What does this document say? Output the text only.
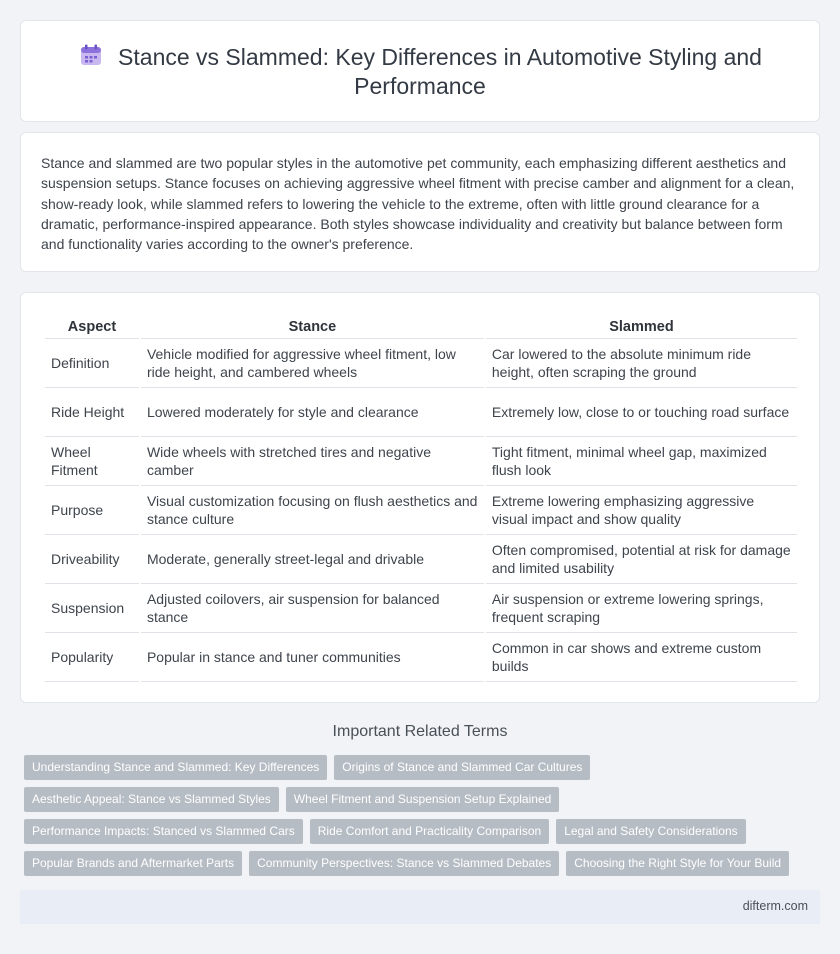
Stance vs Slammed: Key Differences in Automotive Styling and Performance

Stance and slammed are two popular styles in the automotive pet community, each emphasizing different aesthetics and suspension setups. Stance focuses on achieving aggressive wheel fitment with precise camber and alignment for a clean, show-ready look, while slammed refers to lowering the vehicle to the extreme, often with little ground clearance for a dramatic, performance-inspired appearance. Both styles showcase individuality and creativity but balance between form and functionality varies according to the owner's preference.

Aspect	Stance	Slammed
Definition	Vehicle modified for aggressive wheel fitment, low ride height, and cambered wheels	Car lowered to the absolute minimum ride height, often scraping the ground
Ride Height	Lowered moderately for style and clearance	Extremely low, close to or touching road surface
Wheel Fitment	Wide wheels with stretched tires and negative camber	Tight fitment, minimal wheel gap, maximized flush look
Purpose	Visual customization focusing on flush aesthetics and stance culture	Extreme lowering emphasizing aggressive visual impact and show quality
Driveability	Moderate, generally street-legal and drivable	Often compromised, potential at risk for damage and limited usability
Suspension	Adjusted coilovers, air suspension for balanced stance	Air suspension or extreme lowering springs, frequent scraping
Popularity	Popular in stance and tuner communities	Common in car shows and extreme custom builds
Important Related Terms
Understanding Stance and Slammed: Key Differences	Origins of Stance and Slammed Car Cultures
Aesthetic Appeal: Stance vs Slammed Styles	Wheel Fitment and Suspension Setup Explained
Performance Impacts: Stanced vs Slammed Cars	Ride Comfort and Practicality Comparison	Legal and Safety Considerations
Popular Brands and Aftermarket Parts	Community Perspectives: Stance vs Slammed Debates	Choosing the Right Style for Your Build
difterm.com
